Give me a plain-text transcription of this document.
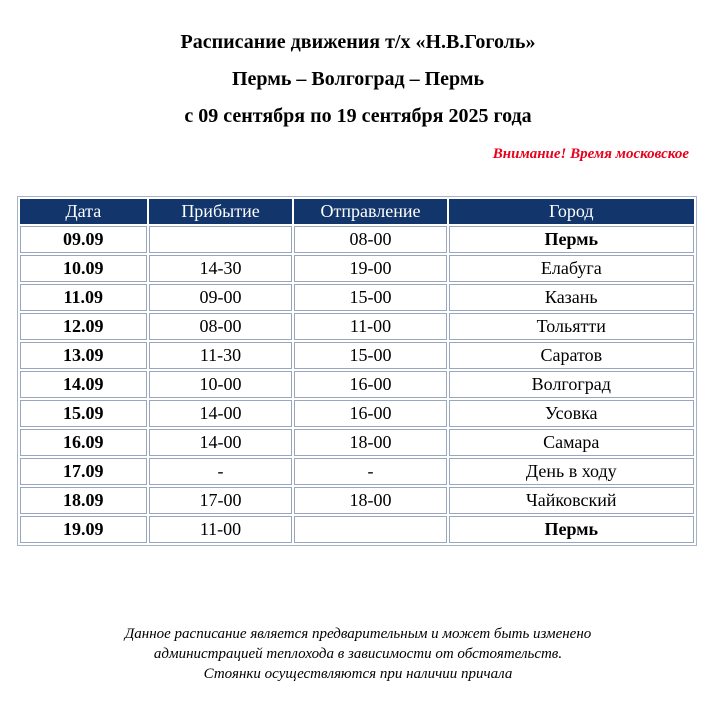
Расписание движения т/х «Н.В.Гоголь»
Пермь – Волгоград – Пермь
с 09 сентября по 19 сентября 2025 года
Внимание! Время московское
Дата	Прибытие	Отправление	Город
09.09		08-00	Пермь
10.09	14-30	19-00	Елабуга
11.09	09-00	15-00	Казань
12.09	08-00	11-00	Тольятти
13.09	11-30	15-00	Саратов
14.09	10-00	16-00	Волгоград
15.09	14-00	16-00	Усовка
16.09	14-00	18-00	Самара
17.09	-	-	День в ходу
18.09	17-00	18-00	Чайковский
19.09	11-00		Пермь
Данное расписание является предварительным и может быть изменено
администрацией теплохода в зависимости от обстоятельств.
Стоянки осуществляются при наличии причала
